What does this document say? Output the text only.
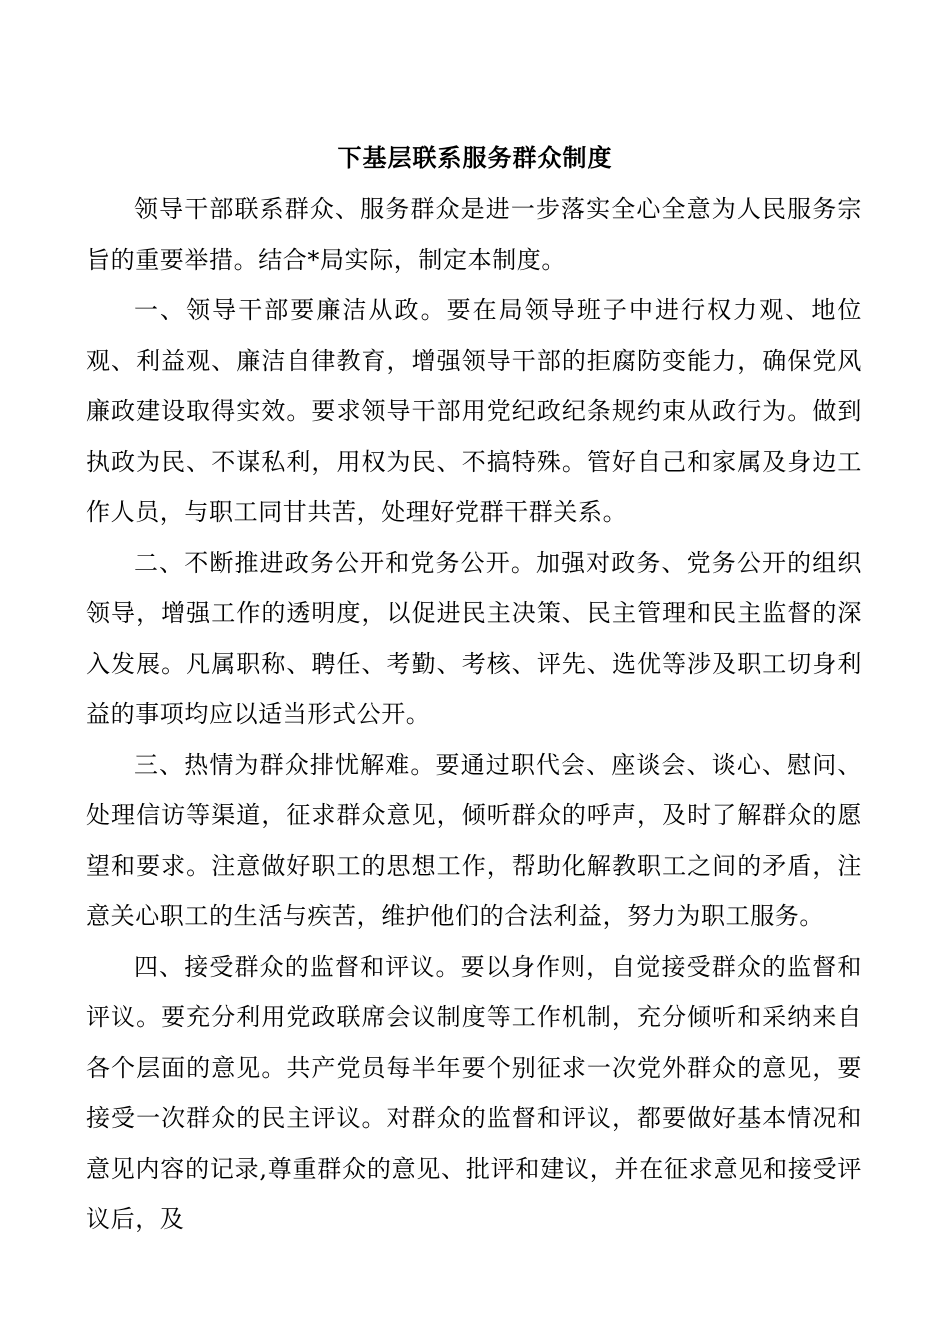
下基层联系服务群众制度

领导干部联系群众、服务群众是进一步落实全心全意为人民服务宗旨的重要举措。结合*局实际，制定本制度。

一、领导干部要廉洁从政。要在局领导班子中进行权力观、地位观、利益观、廉洁自律教育，增强领导干部的拒腐防变能力，确保党风廉政建设取得实效。要求领导干部用党纪政纪条规约束从政行为。做到执政为民、不谋私利，用权为民、不搞特殊。管好自己和家属及身边工作人员，与职工同甘共苦，处理好党群干群关系。

二、不断推进政务公开和党务公开。加强对政务、党务公开的组织领导，增强工作的透明度，以促进民主决策、民主管理和民主监督的深入发展。凡属职称、聘任、考勤、考核、评先、选优等涉及职工切身利益的事项均应以适当形式公开。

三、热情为群众排忧解难。要通过职代会、座谈会、谈心、慰问、处理信访等渠道，征求群众意见，倾听群众的呼声，及时了解群众的愿望和要求。注意做好职工的思想工作，帮助化解教职工之间的矛盾，注意关心职工的生活与疾苦，维护他们的合法利益，努力为职工服务。

四、接受群众的监督和评议。要以身作则，自觉接受群众的监督和评议。要充分利用党政联席会议制度等工作机制，充分倾听和采纳来自各个层面的意见。共产党员每半年要个别征求一次党外群众的意见，要接受一次群众的民主评议。对群众的监督和评议，都要做好基本情况和意见内容的记录,尊重群众的意见、批评和建议，并在征求意见和接受评议后，及
